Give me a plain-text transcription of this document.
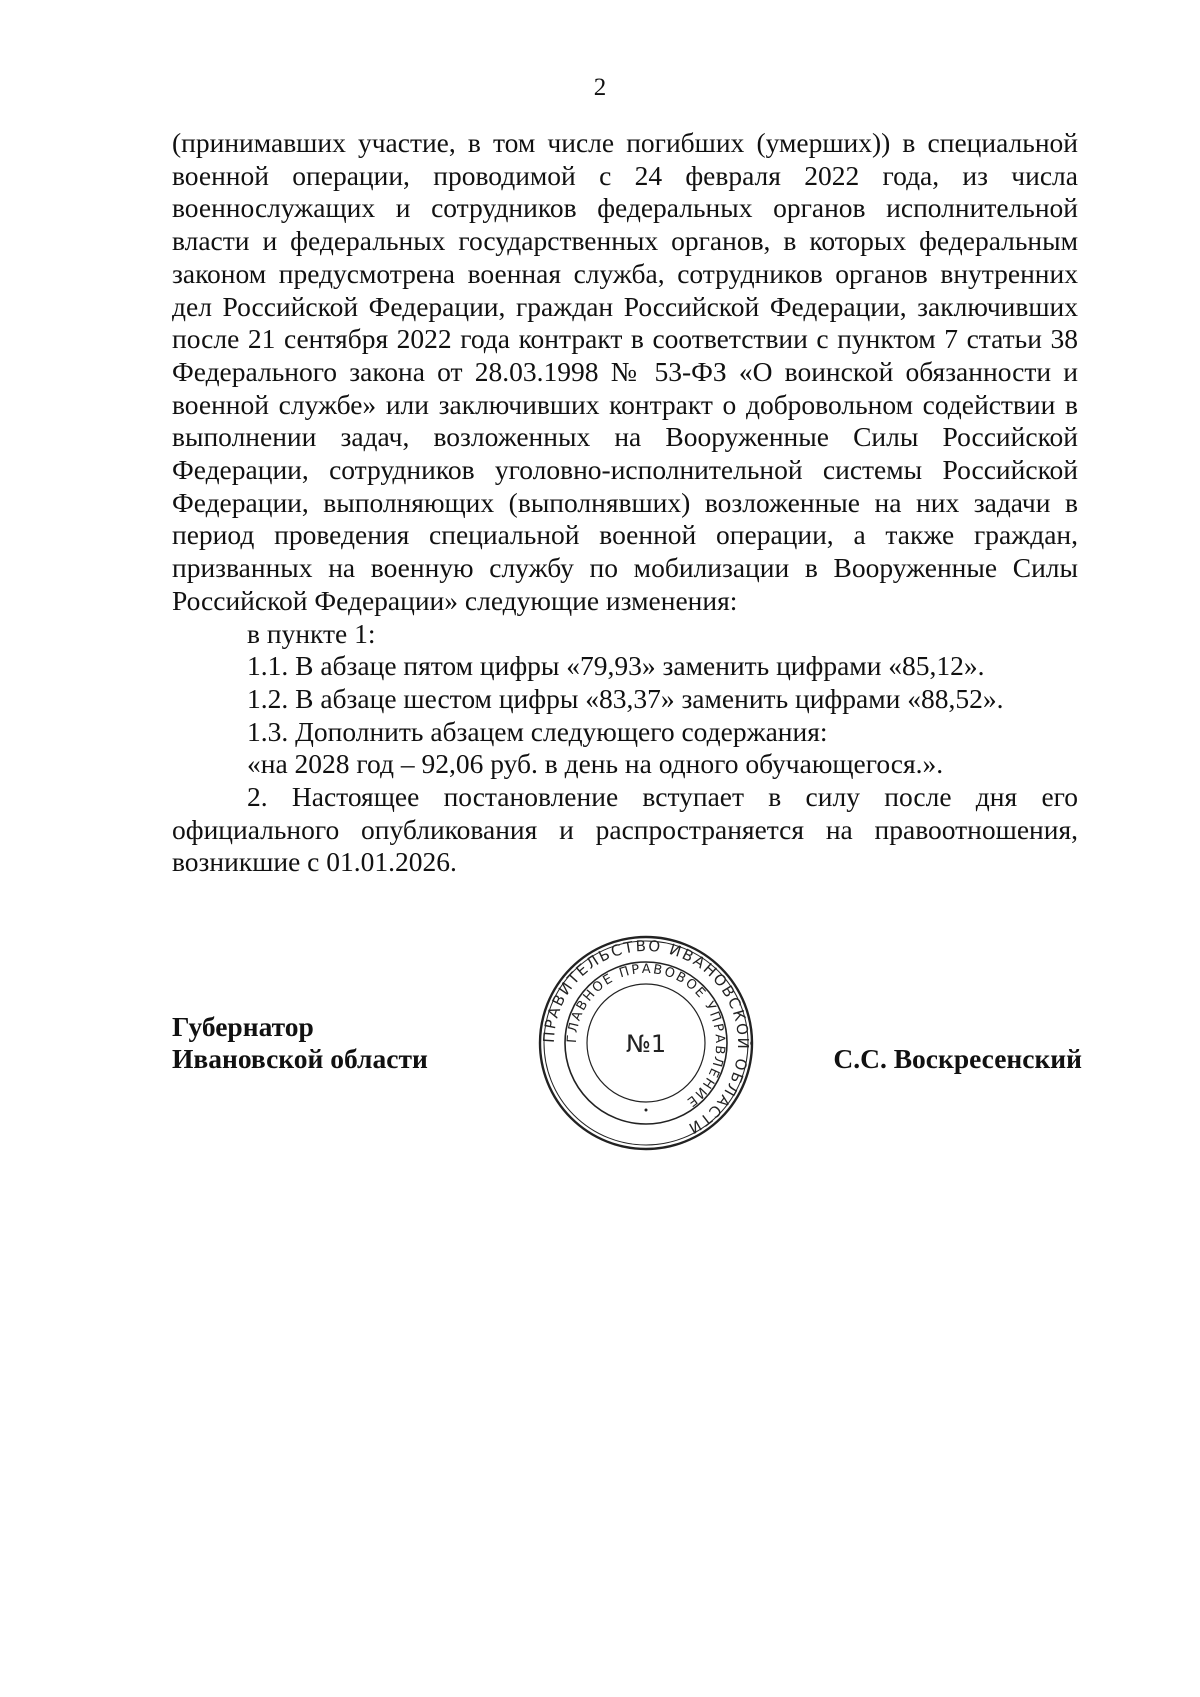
2

(принимавших участие, в том числе погибших (умерших)) в специальной военной операции, проводимой с 24 февраля 2022 года, из числа военнослужащих и сотрудников федеральных органов исполнительной власти и федеральных государственных органов, в которых федеральным законом предусмотрена военная служба, сотрудников органов внутренних дел Российской Федерации, граждан Российской Федерации, заключивших после 21 сентября 2022 года контракт в соответствии с пунктом 7 статьи 38 Федерального закона от 28.03.1998 № 53-ФЗ «О воинской обязанности и военной службе» или заключивших контракт о добровольном содействии в выполнении задач, возложенных на Вооруженные Силы Российской Федерации, сотрудников уголовно-исполнительной системы Российской Федерации, выполняющих (выполнявших) возложенные на них задачи в период проведения специальной военной операции, а также граждан, призванных на военную службу по мобилизации в Вооруженные Силы Российской Федерации» следующие изменения:

в пункте 1:

1.1. В абзаце пятом цифры «79,93» заменить цифрами «85,12».

1.2. В абзаце шестом цифры «83,37» заменить цифрами «88,52».

1.3. Дополнить абзацем следующего содержания:

«на 2028 год – 92,06 руб. в день на одного обучающегося.».

2. Настоящее постановление вступает в силу после дня его официального опубликования и распространяется на правоотношения, возникшие с 01.01.2026.

Губернатор
Ивановской области	С.С. Воскресенский
ПРАВИТЕЛЬСТВО ИВАНОВСКОЙ ОБЛАСТИ
ГЛАВНОЕ ПРАВОВОЕ УПРАВЛЕНИЕ
№1
